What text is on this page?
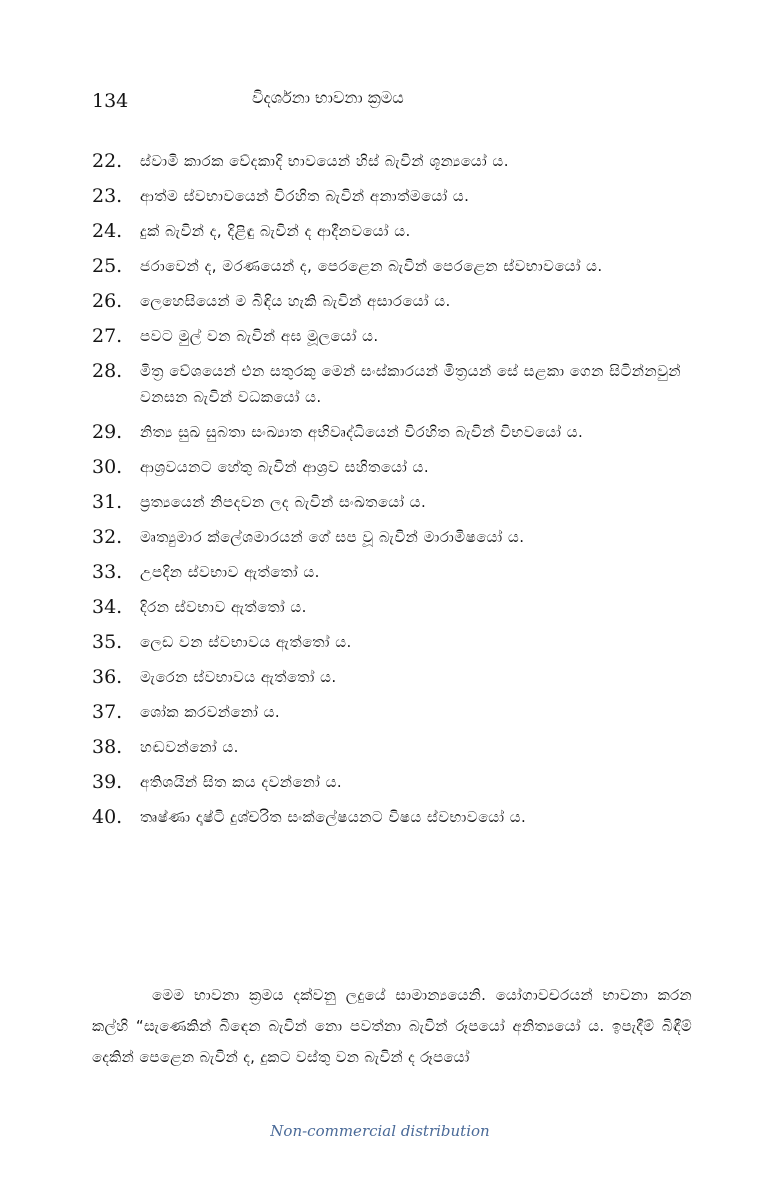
134	විදර්ශනා භාවනා ක්‍රමය
22.	ස්වාමි කාරක වේදකාදි භාවයෙන් හිස් බැවින් ශූන්‍යයෝ ය.
23.	ආත්ම ස්වභාවයෙන් විරහිත බැවින් අනාත්මයෝ ය.
24.	දුක් බැවින් ද, දිළිඳු බැවින් ද ආදීනවයෝ ය.
25.	ජරාවෙන් ද, මරණයෙන් ද, පෙරළෙන බැවින් පෙරළෙන ස්වභාවයෝ ය.
26.	ලෙහෙසියෙන් ම බිඳිය හැකි බැවින් අසාරයෝ ය.
27.	පවට මුල් වන බැවින් අඝ මූලයෝ ය.
28.	මිත්‍ර වේශයෙන් එන සතුරකු මෙන් සංස්කාරයන් මිත්‍රයන් සේ සළකා ගෙන සිටින්නවුන් වනසන බැවින් වධකයෝ ය.
29.	නිත්‍ය සුඛ සුබතා සංඛ්‍යාත අභිවෘද්ධියෙන් විරහිත බැවින් විභවයෝ ය.
30.	ආශ්‍රවයනට හේතු බැවින් ආශ්‍රව සහිතයෝ ය.
31.	ප්‍රත්‍යයෙන් නිපදවන ලද බැවින් සංඛතයෝ ය.
32.	මෘත්‍යුමාර ක්ලේශමාරයන් ගේ සප වූ බැවින් මාරාමිෂයෝ ය.
33.	උපදින ස්වභාව ඇත්තෝ ය.
34.	දිරන ස්වභාව ඇත්තෝ ය.
35.	ලෙඩ වන ස්වභාවය ඇත්තෝ ය.
36.	මැරෙන ස්වභාවය ඇත්තෝ ය.
37.	ශෝක කරවන්නෝ ය.
38.	හඬවන්නෝ ය.
39.	අතිශයින් සිත කය දවන්නෝ ය.
40.	තෘෂ්ණා දෘෂ්ටි දුශ්චරිත සංක්ලේෂයනට විෂය ස්වභාවයෝ ය.

මෙම භාවනා ක්‍රමය දක්වනු ලදුයේ සාමාන්‍යයෙනි. යෝගාවචරයන් භාවනා කරන කල්හි “සැණෙකින් බිඳෙන බැවින් නො පවත්නා බැවින් රූපයෝ අනිත්‍යයෝ ය. ඉපැදීම් බිඳීම් දෙකින් පෙළෙන බැවින් ද, දුකට වස්තු වන බැවින් ද රූපයෝ

Non-commercial distribution
